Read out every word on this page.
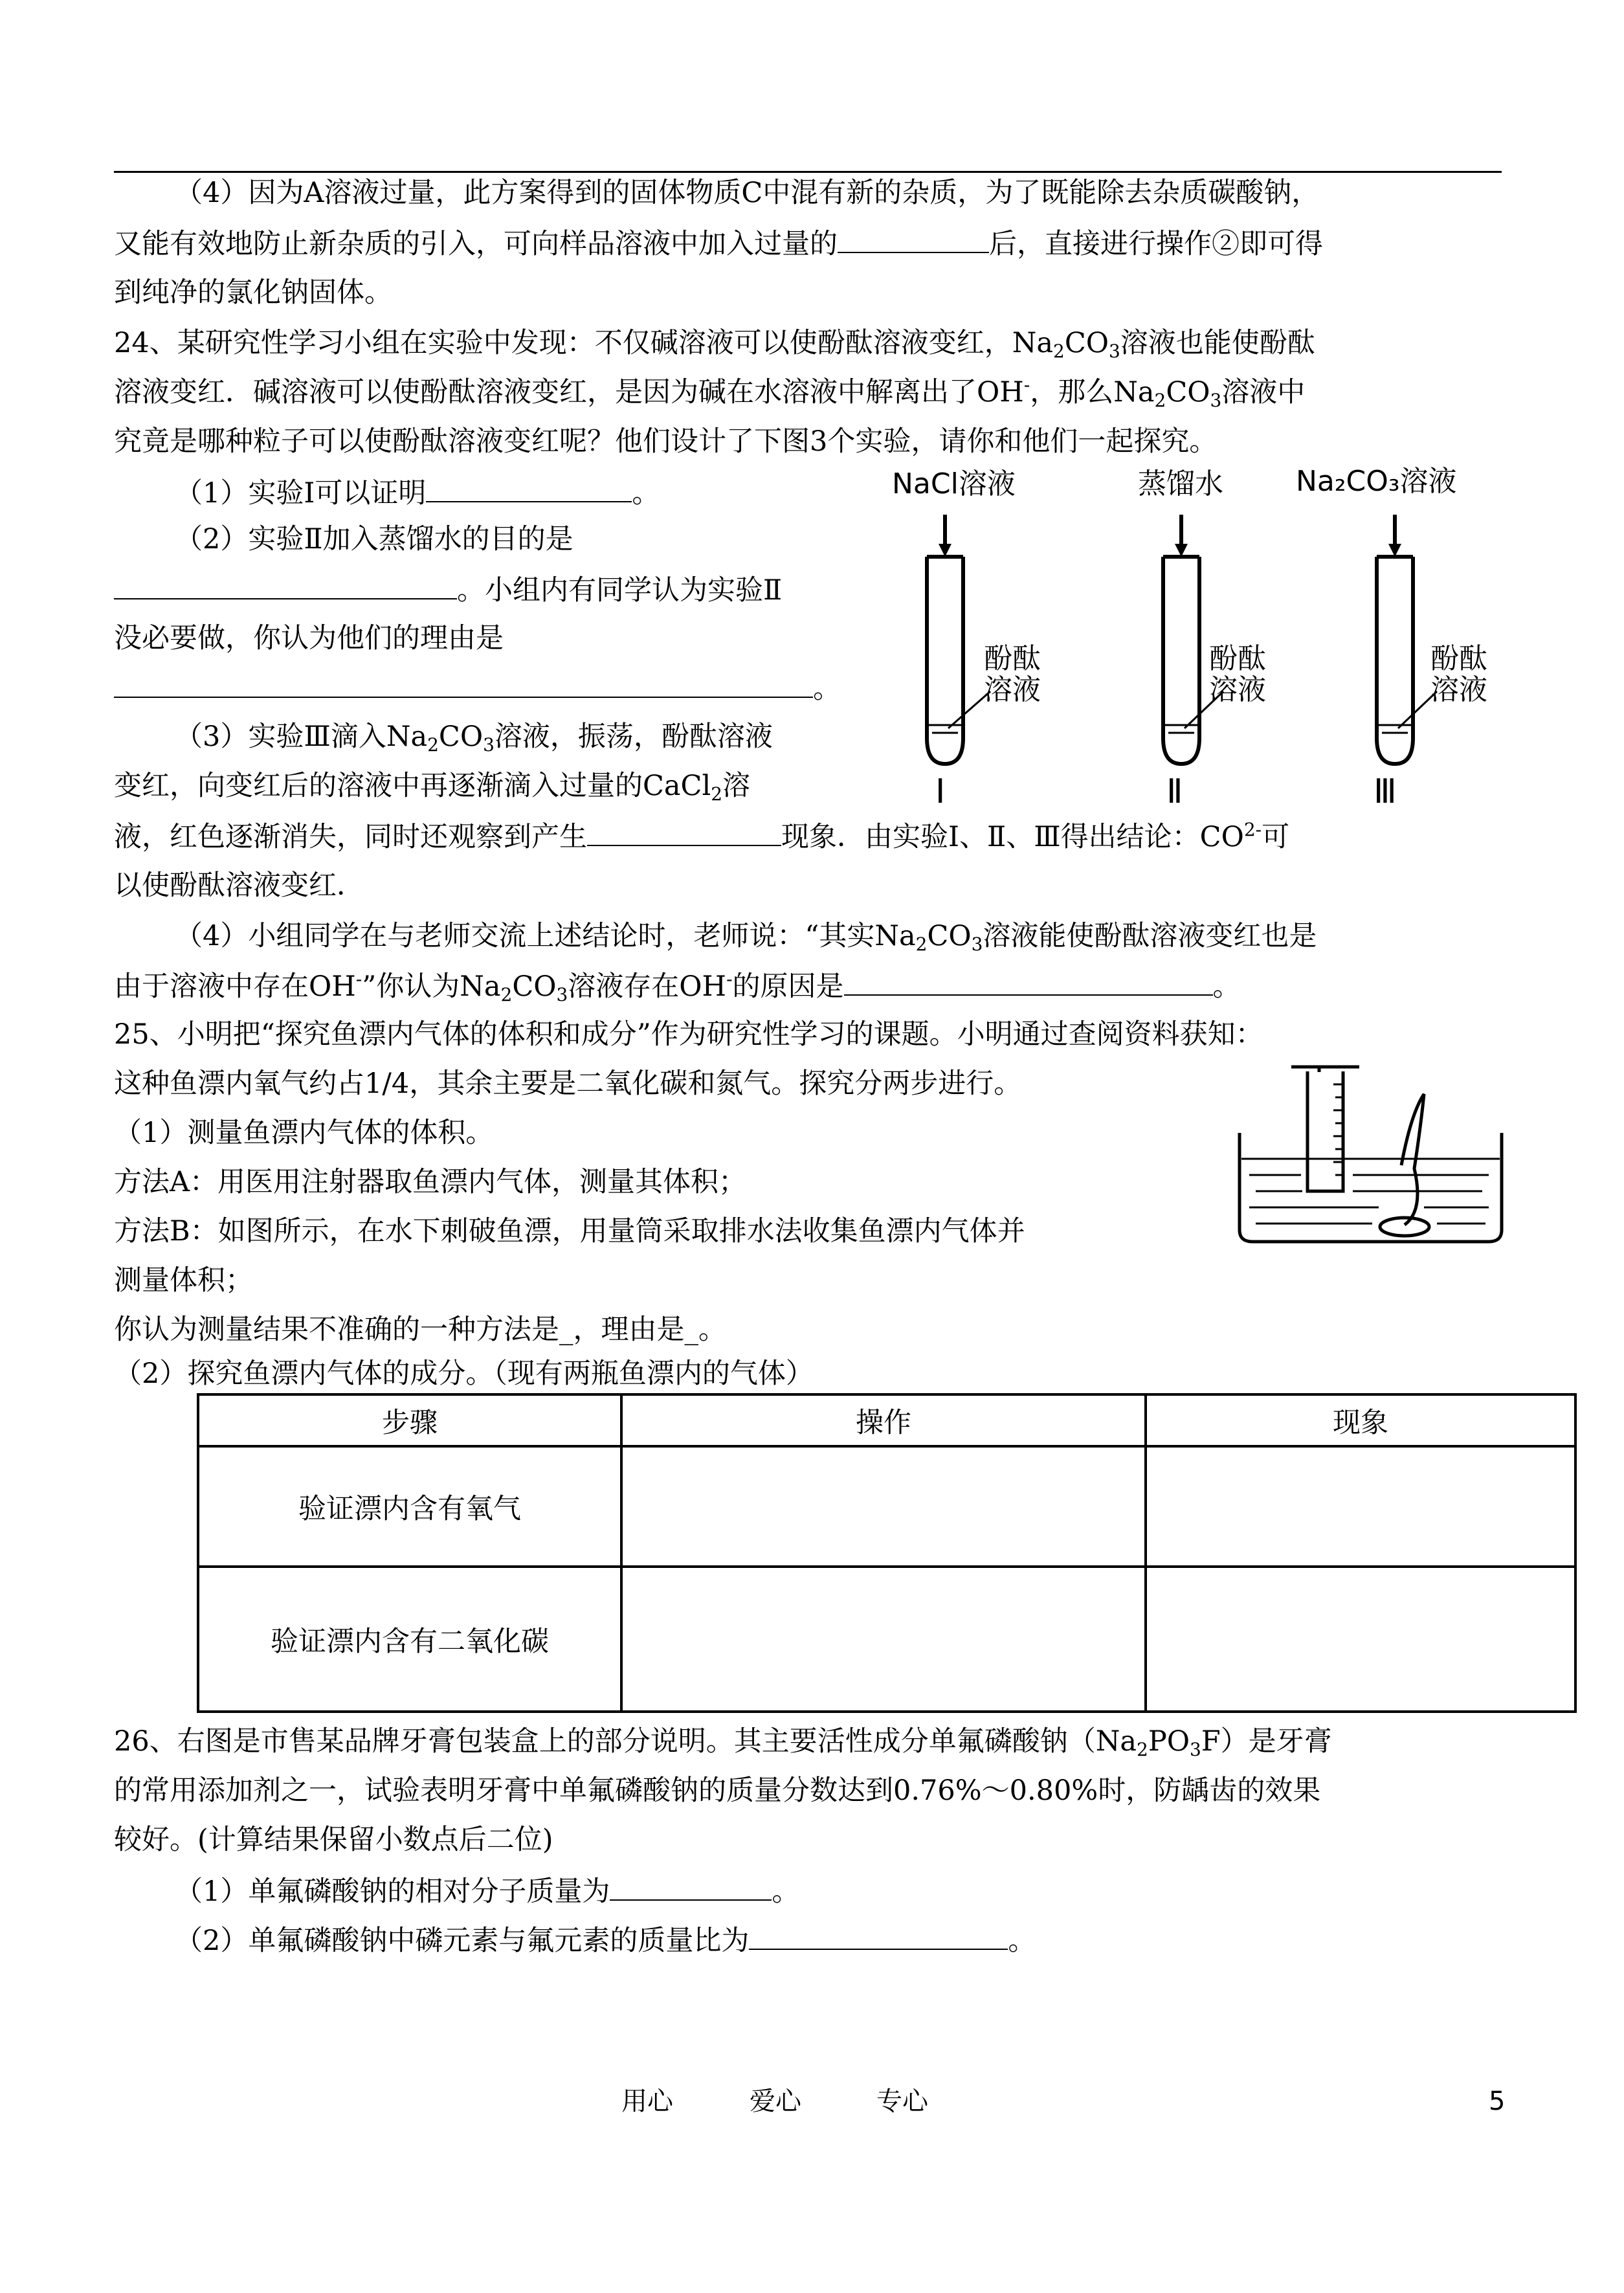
（4）因为A溶液过量，此方案得到的固体物质C中混有新的杂质，为了既能除去杂质碳酸钠，
又能有效地防止新杂质的引入，可向样品溶液中加入过量的	后，直接进行操作②即可得
到纯净的氯化钠固体。
24、某研究性学习小组在实验中发现：不仅碱溶液可以使酚酞溶液变红，$Na_2CO_3$溶液也能使酚酞
溶液变红．碱溶液可以使酚酞溶液变红，是因为碱在水溶液中解离出了OH-，那么$Na_2CO_3$溶液中
究竟是哪种粒子可以使酚酞溶液变红呢？他们设计了下图3个实验，请你和他们一起探究。
（1）实验Ⅰ可以证明	。
（2）实验Ⅱ加入蒸馏水的目的是
。小组内有同学认为实验Ⅱ
没必要做，你认为他们的理由是
。
（3）实验Ⅲ滴入$Na_2CO_3$溶液，振荡，酚酞溶液
变红，向变红后的溶液中再逐渐滴入过量的CaCl$_2$溶
液，红色逐渐消失，同时还观察到产生	现象．由实验Ⅰ、Ⅱ、Ⅲ得出结论：$CO^{2-}$可
以使酚酞溶液变红．
（4）小组同学在与老师交流上述结论时，老师说：“其实$Na_2CO_3$溶液能使酚酞溶液变红也是
由于溶液中存在OH-”你认为$Na_2CO_3$溶液存在OH-的原因是	。
NaCl溶液	蒸馏水	Na₂CO₃溶液
酚酞
溶液
酚酞
溶液
酚酞
溶液
Ⅰ	Ⅱ	Ⅲ
25、小明把“探究鱼漂内气体的体积和成分”作为研究性学习的课题。小明通过查阅资料获知：
这种鱼漂内氧气约占1/4，其余主要是二氧化碳和氮气。探究分两步进行。
（1）测量鱼漂内气体的体积。
方法A：用医用注射器取鱼漂内气体，测量其体积；
方法B：如图所示，在水下刺破鱼漂，用量筒采取排水法收集鱼漂内气体并
测量体积；
你认为测量结果不准确的一种方法是_，理由是_。
（2）探究鱼漂内气体的成分。（现有两瓶鱼漂内的气体）
步骤	操作	现象
验证漂内含有氧气		
验证漂内含有二氧化碳		
26、右图是市售某品牌牙膏包装盒上的部分说明。其主要活性成分单氟磷酸钠$(Na_2PO_3F)$是牙膏
的常用添加剂之一，试验表明牙膏中单氟磷酸钠的质量分数达到0.76%～0.80%时，防龋齿的效果
较好。(计算结果保留小数点后二位)
（1）单氟磷酸钠的相对分子质量为	。
（2）单氟磷酸钠中磷元素与氟元素的质量比为	。
用心	爱心	专心	5
